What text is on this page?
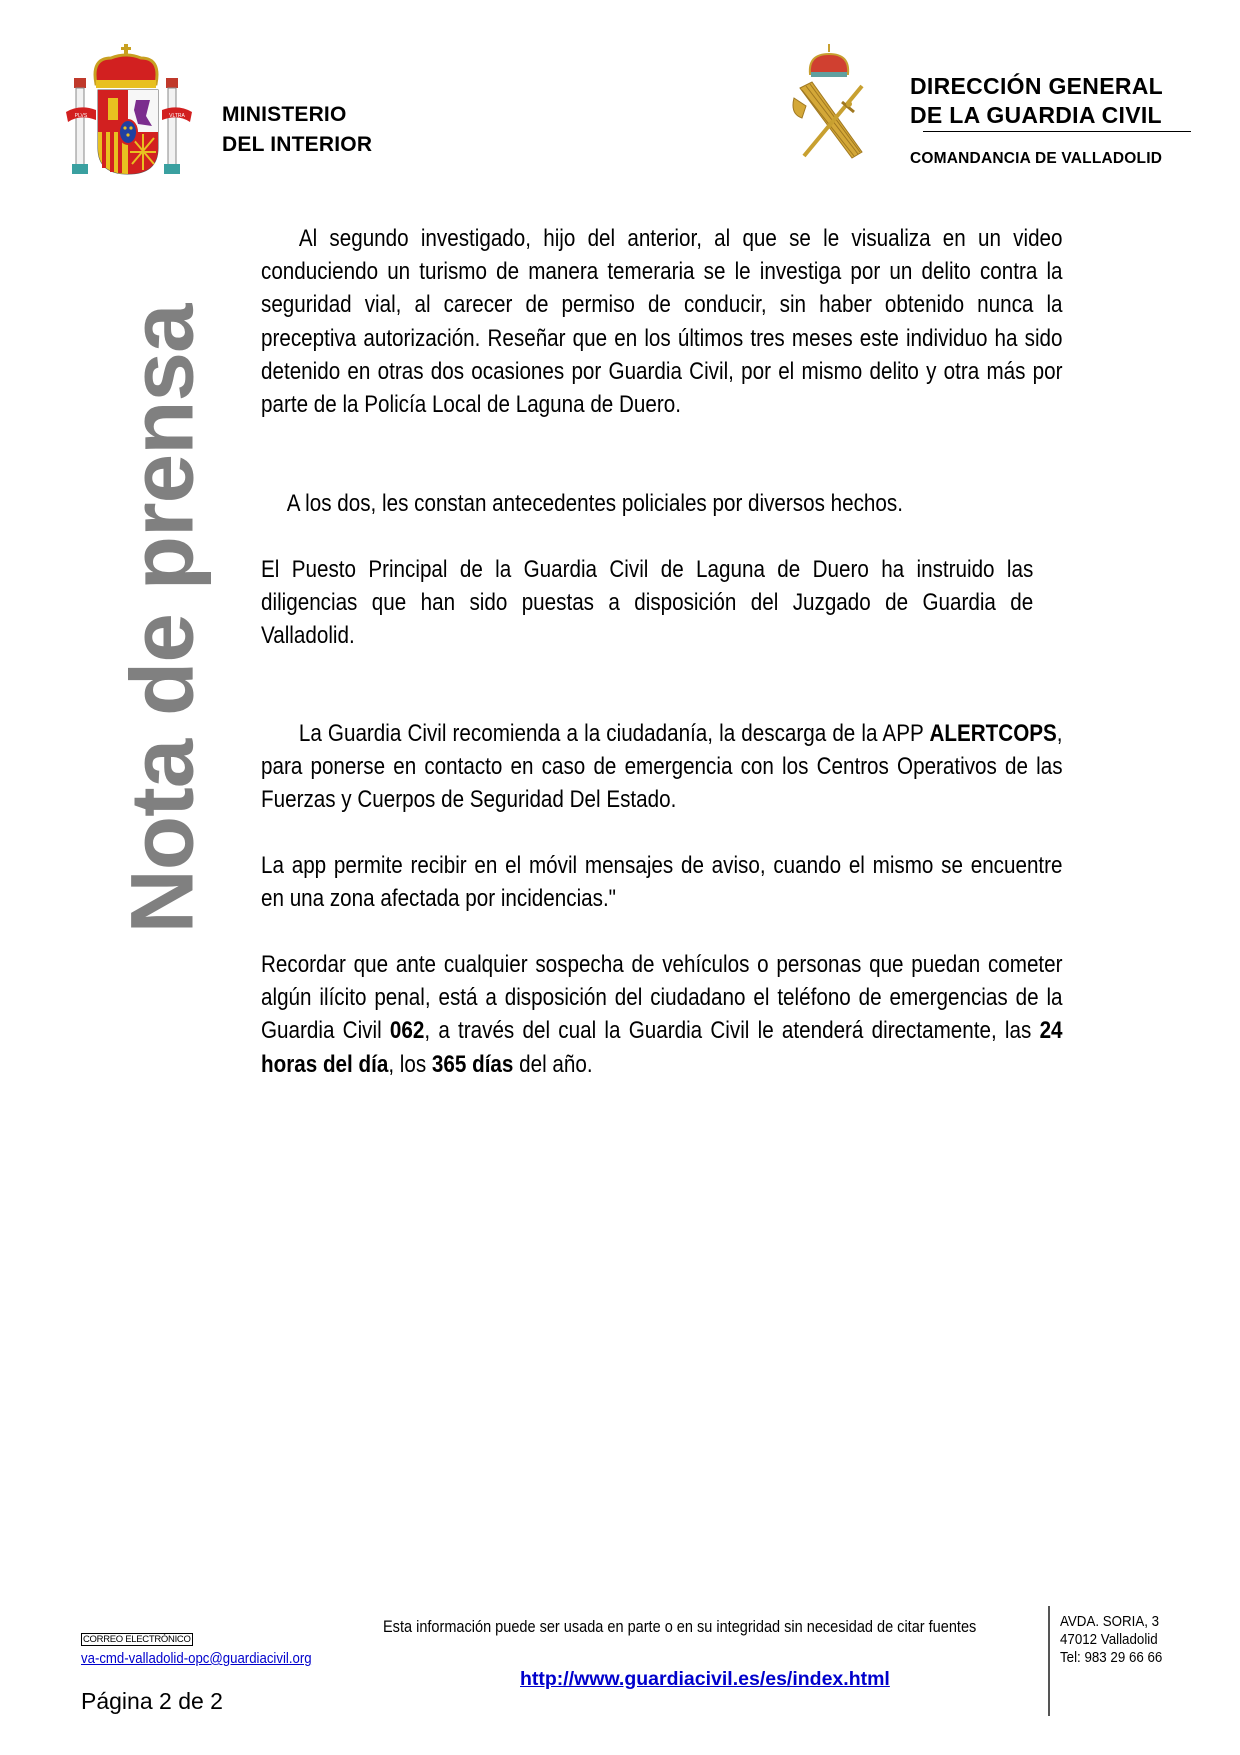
PLVS	VLTRA MINISTERIO
DEL INTERIOR
DIRECCIÓN GENERAL
DE LA GUARDIA CIVIL
COMANDANCIA DE VALLADOLID
Nota de prensa

Al segundo investigado, hijo del anterior, al que se le visualiza en un video conduciendo un turismo de manera temeraria se le investiga por un delito contra la seguridad vial, al carecer de permiso de conducir, sin haber obtenido nunca la preceptiva autorización. Reseñar que en los últimos tres meses este individuo ha sido detenido en otras dos ocasiones por Guardia Civil, por el mismo delito y otra más por parte de la Policía Local de Laguna de Duero.

A los dos, les constan antecedentes policiales por diversos hechos.

El Puesto Principal de la Guardia Civil de Laguna de Duero ha instruido las diligencias que han sido puestas a disposición del Juzgado de Guardia de Valladolid.

La Guardia Civil recomienda a la ciudadanía, la descarga de la APP ALERTCOPS, para ponerse en contacto en caso de emergencia con los Centros Operativos de las Fuerzas y Cuerpos de Seguridad Del Estado.

La app permite recibir en el móvil mensajes de aviso, cuando el mismo se encuentre en una zona afectada por incidencias."

Recordar que ante cualquier sospecha de vehículos o personas que puedan cometer algún ilícito penal, está a disposición del ciudadano el teléfono de emergencias de la Guardia Civil 062, a través del cual la Guardia Civil le atenderá directamente, las 24 horas del día, los 365 días del año.

Esta información puede ser usada en parte o en su integridad sin necesidad de citar fuentes
http://www.guardiacivil.es/es/index.html
CORREO ELECTRÓNICO
va-cmd-valladolid-opc@guardiacivil.org
Página 2 de 2
AVDA. SORIA, 3
47012 Valladolid
Tel: 983 29 66 66
